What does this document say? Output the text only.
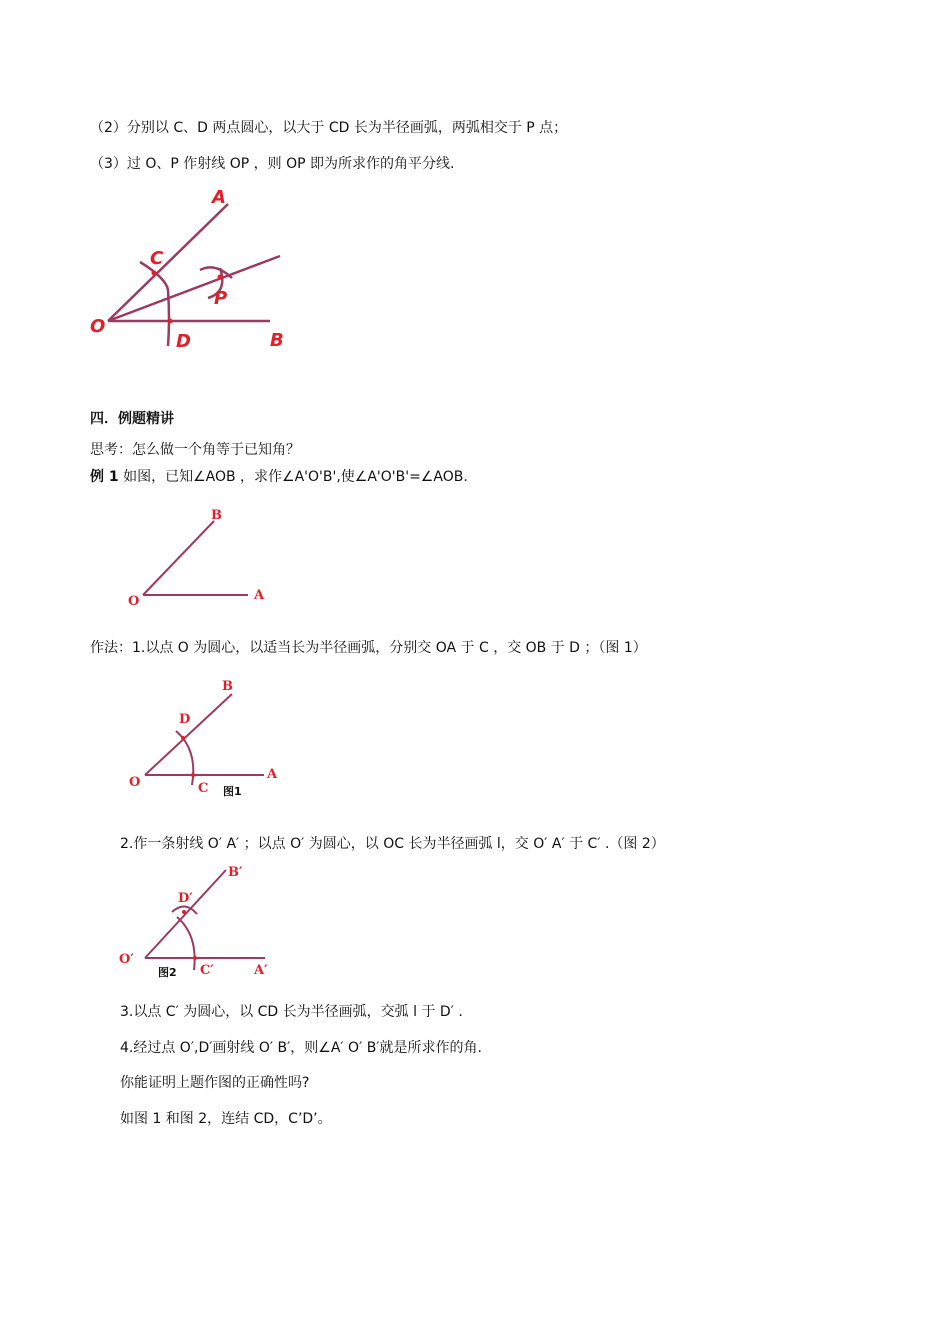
（2）分别以 C、D 两点圆心，以大于 CD 长为半径画弧，两弧相交于 P 点；
（3）过 O、P 作射线 OP ，则 OP 即为所求作的角平分线.
A
C
P
O
D	B
四．例题精讲
思考：怎么做一个角等于已知角？
例 1 如图，已知∠AOB ，求作∠A'O'B',使∠A'O'B'=∠AOB.
B
O	A
作法：1.以点 O 为圆心，以适当长为半径画弧，分别交 OA 于 C ，交 OB 于 D ；（图 1）
B
D
O	C
A
图1
2.作一条射线 O′ A′ ；以点 O′ 为圆心，以 OC 长为半径画弧 l，交 O′ A′ 于 C′ .（图 2）
B′
D′
O′
图2 C′	A′
3.以点 C′ 为圆心，以 CD 长为半径画弧，交弧 l 于 D′ .
4.经过点 O′,D′画射线 O′ B′，则∠A′ O′ B′就是所求作的角.
你能证明上题作图的正确性吗?
如图 1 和图 2，连结 CD，C’D’。
